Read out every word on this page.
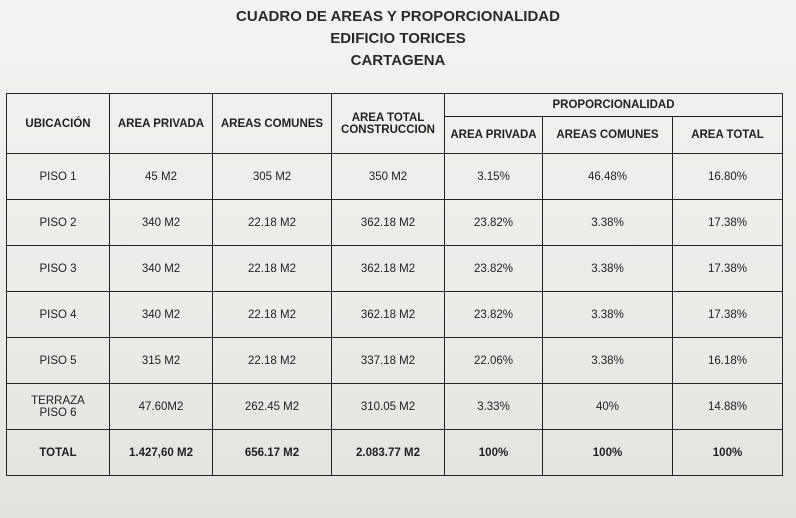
CUADRO DE AREAS Y PROPORCIONALIDAD
EDIFICIO TORICES
CARTAGENA
UBICACIÓN	AREA PRIVADA	AREAS COMUNES	AREA TOTAL CONSTRUCCION	PROPORCIONALIDAD		
				AREA PRIVADA	AREAS COMUNES	AREA TOTAL
PISO 1	45 M2	305 M2	350 M2	3.15%	46.48%	16.80%
PISO 2	340 M2	22.18 M2	362.18 M2	23.82%	3.38%	17.38%
PISO 3	340 M2	22.18 M2	362.18 M2	23.82%	3.38%	17.38%
PISO 4	340 M2	22.18 M2	362.18 M2	23.82%	3.38%	17.38%
PISO 5	315 M2	22.18 M2	337.18 M2	22.06%	3.38%	16.18%

TERRAZA
PISO 6	47.60M2	262.45 M2	310.05 M2	3.33%	40%	14.88%
TOTAL	1.427,60 M2	656.17 M2	2.083.77 M2	100%	100%	100%
